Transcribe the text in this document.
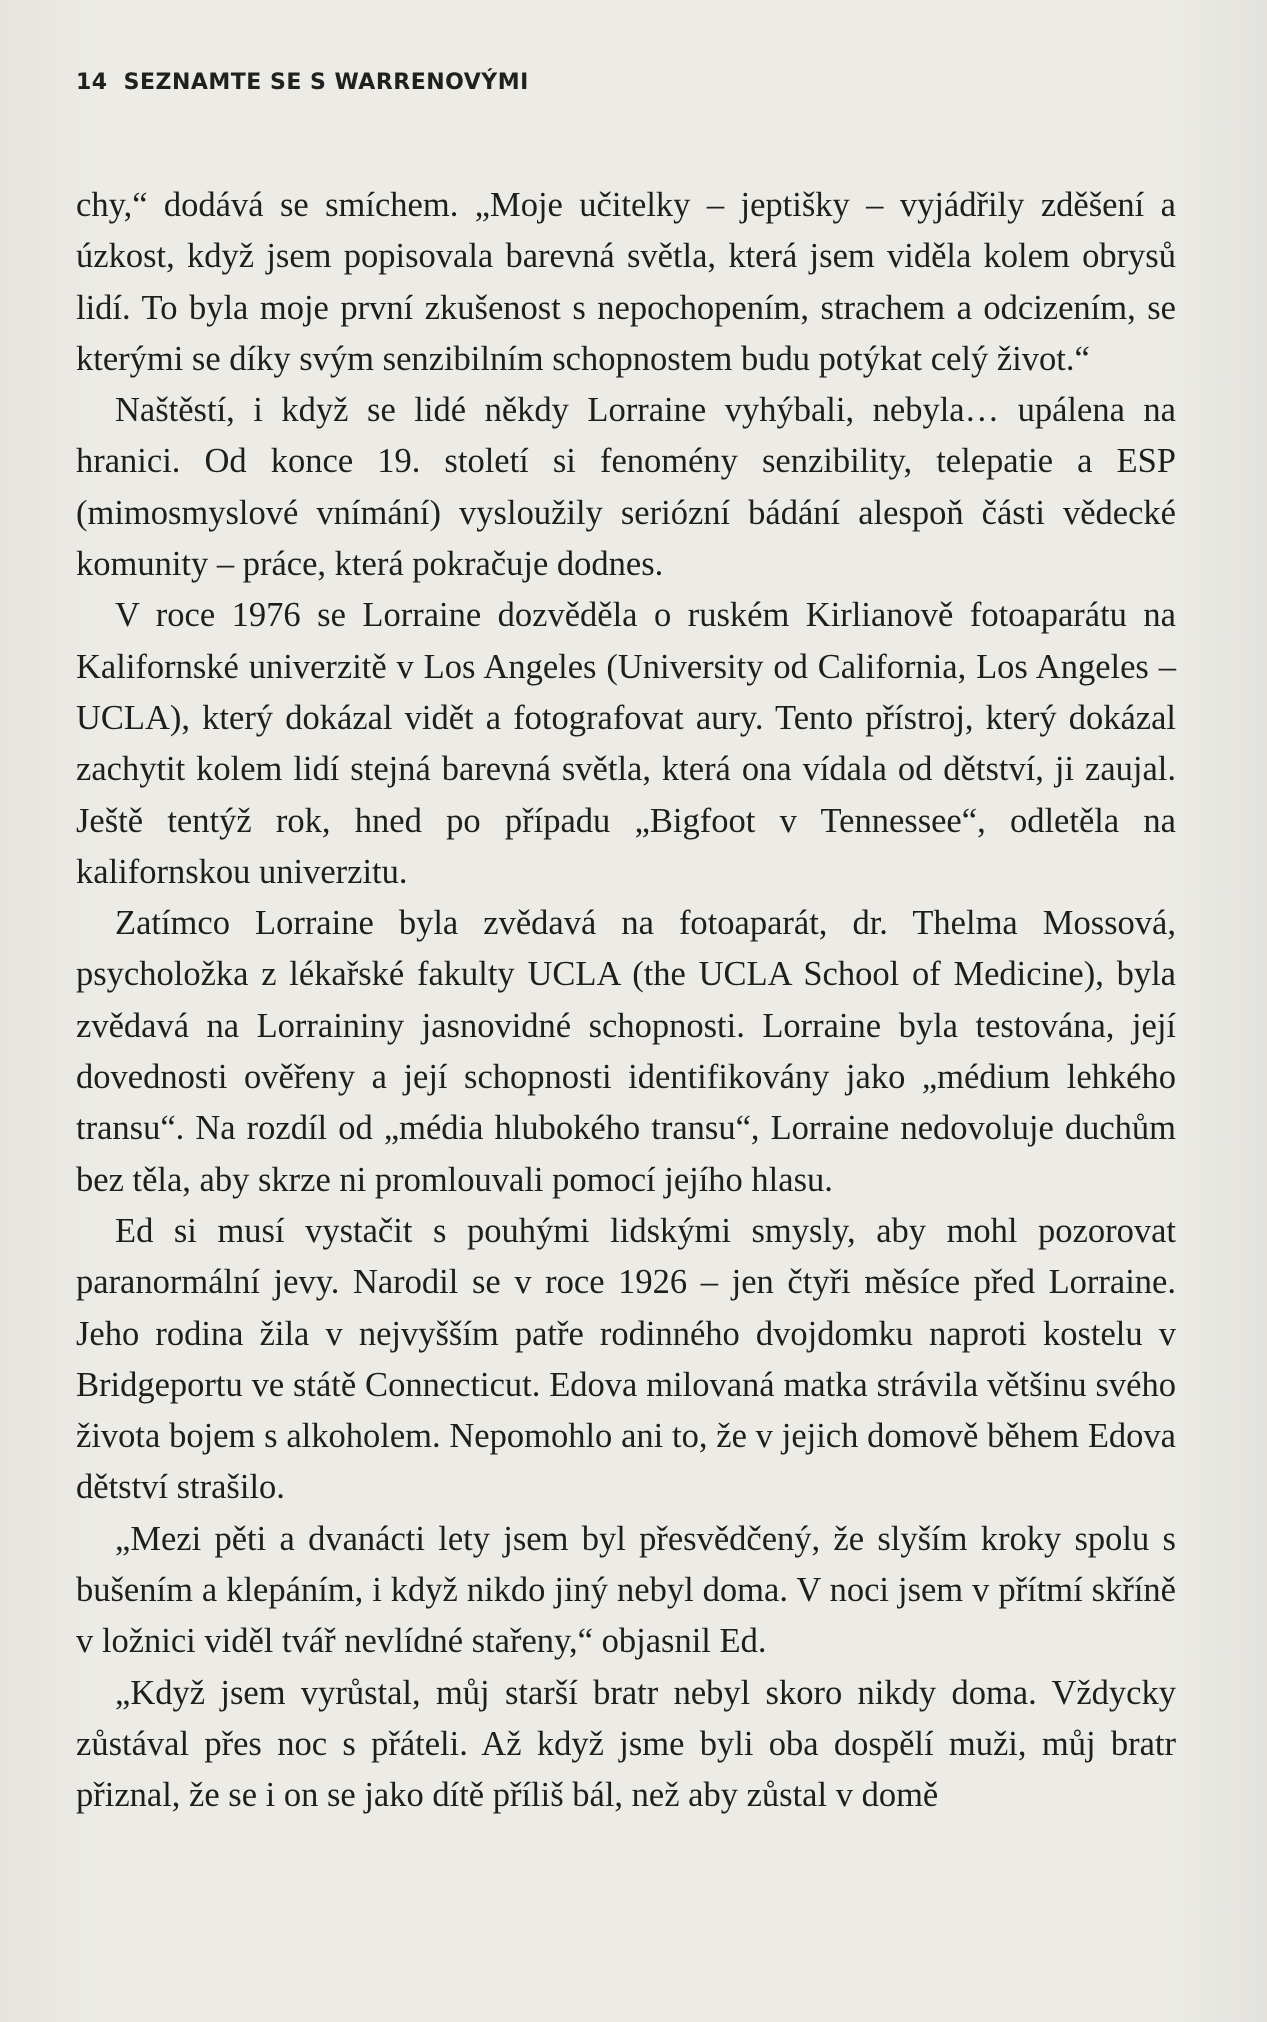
14 SEZNAMTE SE S WARRENOVÝMI

chy,“ dodává se smíchem. „Moje učitelky – jeptišky – vyjádřily zděšení a úzkost, když jsem popisovala barevná světla, která jsem viděla kolem obrysů lidí. To byla moje první zkušenost s nepochopením, strachem a odcizením, se kterými se díky svým senzibilním schopnostem budu potýkat celý život.“

Naštěstí, i když se lidé někdy Lorraine vyhýbali, nebyla… upálena na hranici. Od konce 19. století si fenomény senzibility, telepatie a ESP (mimosmyslové vnímání) vysloužily seriózní bádání alespoň části vědecké komunity – práce, která pokračuje dodnes.

V roce 1976 se Lorraine dozvěděla o ruském Kirlianově fotoaparátu na Kalifornské univerzitě v Los Angeles (University od California, Los Angeles – UCLA), který dokázal vidět a fotografovat aury. Tento přístroj, který dokázal zachytit kolem lidí stejná barevná světla, která ona vídala od dětství, ji zaujal. Ještě tentýž rok, hned po případu „Bigfoot v Tennessee“, odletěla na kalifornskou univerzitu.

Zatímco Lorraine byla zvědavá na fotoaparát, dr. Thelma Mossová, psycholožka z lékařské fakulty UCLA (the UCLA School of Medicine), byla zvědavá na Lorraininy jasnovidné schopnosti. Lorraine byla testována, její dovednosti ověřeny a její schopnosti identifikovány jako „médium lehkého transu“. Na rozdíl od „média hlubokého transu“, Lorraine nedovoluje duchům bez těla, aby skrze ni promlouvali pomocí jejího hlasu.

Ed si musí vystačit s pouhými lidskými smysly, aby mohl pozorovat paranormální jevy. Narodil se v roce 1926 – jen čtyři měsíce před Lorraine. Jeho rodina žila v nejvyšším patře rodinného dvojdomku naproti kostelu v Bridgeportu ve státě Connecticut. Edova milovaná matka strávila většinu svého života bojem s alkoholem. Nepomohlo ani to, že v jejich domově během Edova dětství strašilo.

„Mezi pěti a dvanácti lety jsem byl přesvědčený, že slyším kroky spolu s bušením a klepáním, i když nikdo jiný nebyl doma. V noci jsem v přítmí skříně v ložnici viděl tvář nevlídné stařeny,“ objasnil Ed.

„Když jsem vyrůstal, můj starší bratr nebyl skoro nikdy doma. Vždycky zůstával přes noc s přáteli. Až když jsme byli oba dospělí muži, můj bratr přiznal, že se i on se jako dítě příliš bál, než aby zůstal v domě
